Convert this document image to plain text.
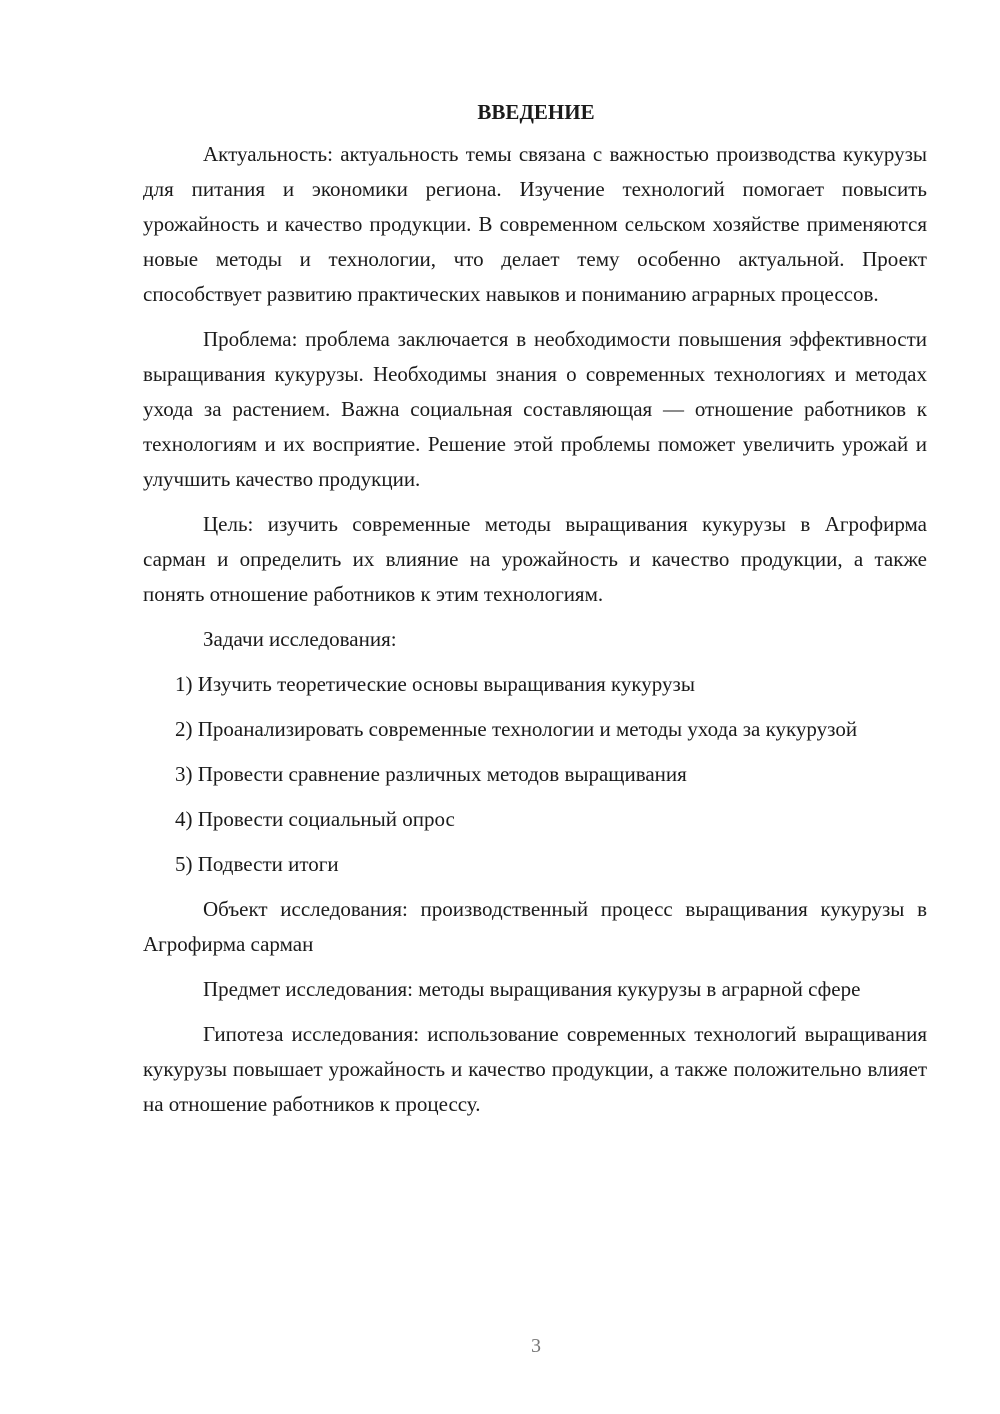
ВВЕДЕНИЕ

Актуальность: актуальность темы связана с важностью производства кукурузы для питания и экономики региона. Изучение технологий помогает повысить урожайность и качество продукции. В современном сельском хозяйстве применяются новые методы и технологии, что делает тему особенно актуальной. Проект способствует развитию практических навыков и пониманию аграрных процессов.

Проблема: проблема заключается в необходимости повышения эффективности выращивания кукурузы. Необходимы знания о современных технологиях и методах ухода за растением. Важна социальная составляющая — отношение работников к технологиям и их восприятие. Решение этой проблемы поможет увеличить урожай и улучшить качество продукции.

Цель: изучить современные методы выращивания кукурузы в Агрофирма сарман и определить их влияние на урожайность и качество продукции, а также понять отношение работников к этим технологиям.

Задачи исследования:

1) Изучить теоретические основы выращивания кукурузы

2) Проанализировать современные технологии и методы ухода за кукурузой

3) Провести сравнение различных методов выращивания

4) Провести социальный опрос

5) Подвести итоги

Объект исследования: производственный процесс выращивания кукурузы в Агрофирма сарман

Предмет исследования: методы выращивания кукурузы в аграрной сфере

Гипотеза исследования: использование современных технологий выращивания кукурузы повышает урожайность и качество продукции, а также положительно влияет на отношение работников к процессу.

3
